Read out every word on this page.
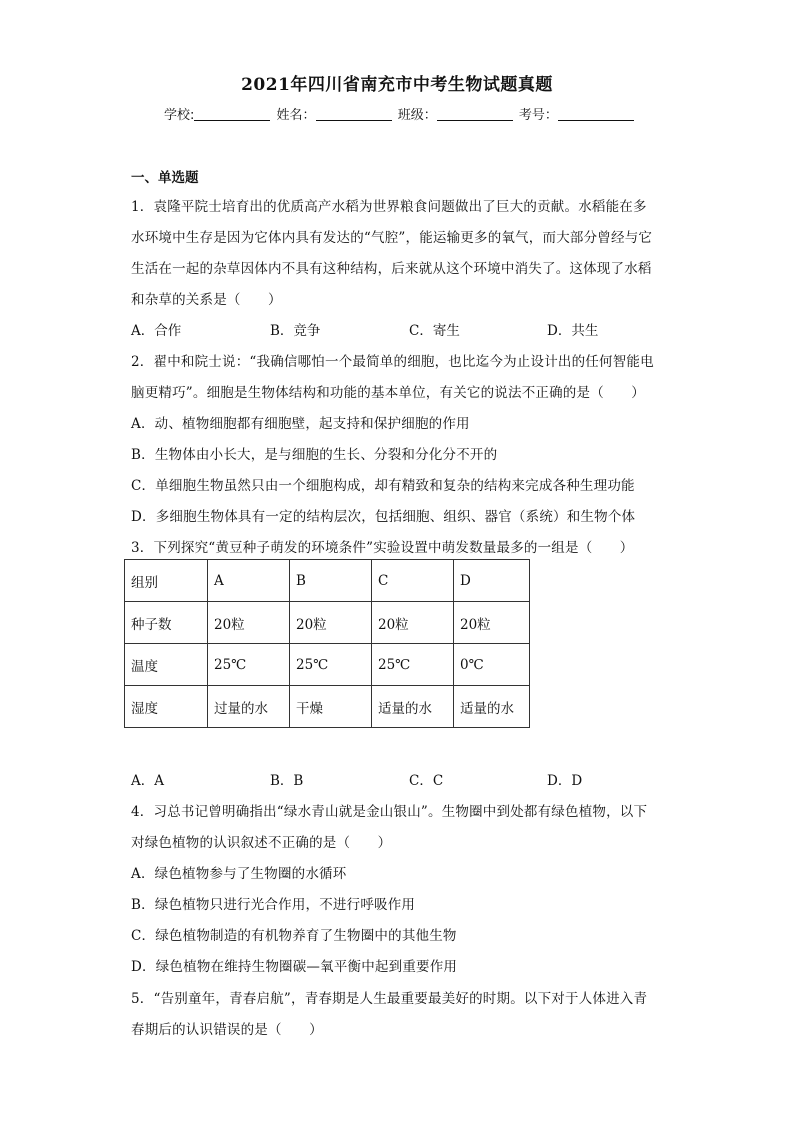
2021年四川省南充市中考生物试题真题
学校:	姓名：	班级：	考号：
一、单选题
1．袁隆平院士培育出的优质高产水稻为世界粮食问题做出了巨大的贡献。水稻能在多
水环境中生存是因为它体内具有发达的“气腔”，能运输更多的氧气，而大部分曾经与它
生活在一起的杂草因体内不具有这种结构，后来就从这个环境中消失了。这体现了水稻
和杂草的关系是（　　）
A．合作	B．竞争	C．寄生	D．共生
2．翟中和院士说：“我确信哪怕一个最简单的细胞，也比迄今为止设计出的任何智能电
脑更精巧”。细胞是生物体结构和功能的基本单位，有关它的说法不正确的是（　　）
A．动、植物细胞都有细胞壁，起支持和保护细胞的作用
B．生物体由小长大，是与细胞的生长、分裂和分化分不开的
C．单细胞生物虽然只由一个细胞构成，却有精致和复杂的结构来完成各种生理功能
D．多细胞生物体具有一定的结构层次，包括细胞、组织、器官（系统）和生物个体
3．下列探究“黄豆种子萌发的环境条件”实验设置中萌发数量最多的一组是（　　）
组别	A	B	C	D
种子数	20粒	20粒	20粒	20粒
温度	25℃	25℃	25℃	0℃
湿度	过量的水	干燥	适量的水	适量的水
A．A	B．B	C．C	D．D
4．习总书记曾明确指出“绿水青山就是金山银山”。生物圈中到处都有绿色植物，以下
对绿色植物的认识叙述不正确的是（　　）
A．绿色植物参与了生物圈的水循环
B．绿色植物只进行光合作用，不进行呼吸作用
C．绿色植物制造的有机物养育了生物圈中的其他生物
D．绿色植物在维持生物圈碳—氧平衡中起到重要作用
5．“告别童年，青春启航”，青春期是人生最重要最美好的时期。以下对于人体进入青
春期后的认识错误的是（　　）
